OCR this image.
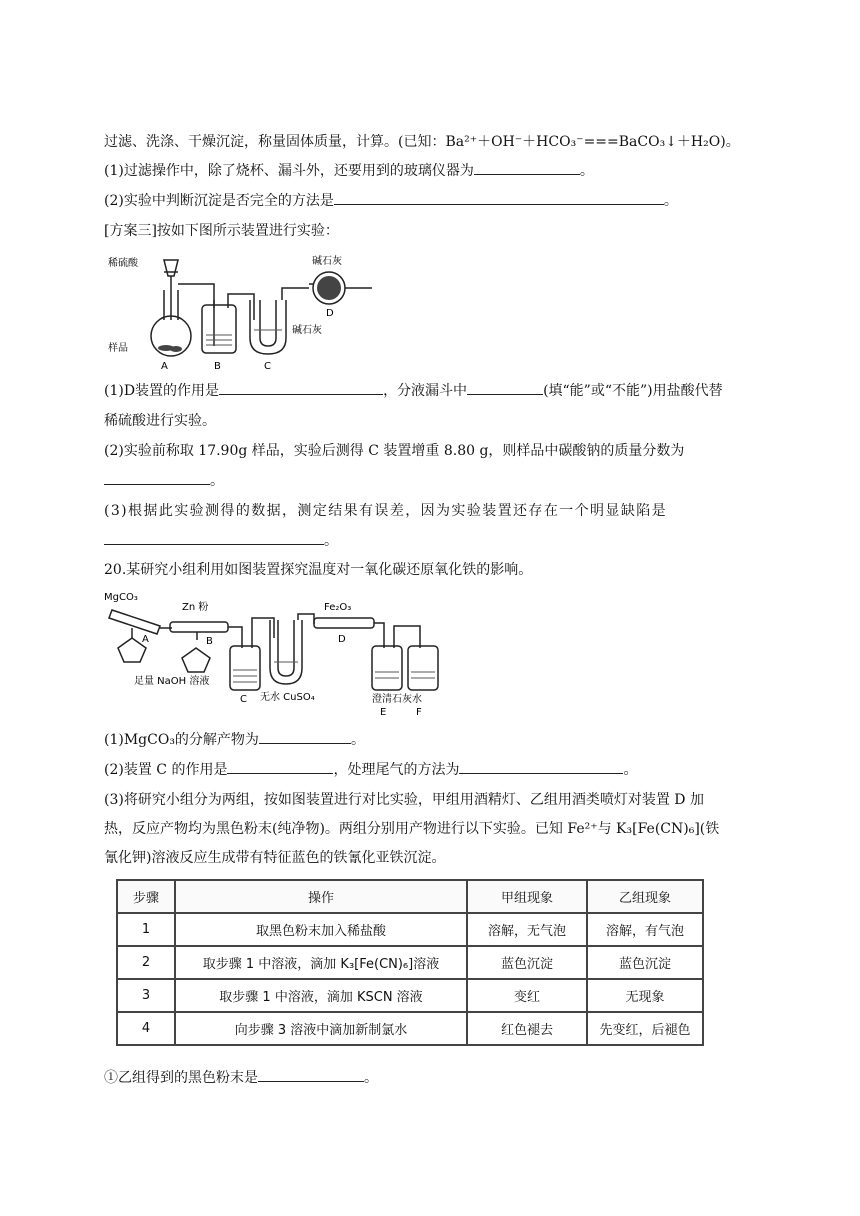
过滤、洗涤、干燥沉淀，称量固体质量，计算。(已知：Ba²⁺＋OH⁻＋HCO₃⁻===BaCO₃↓＋H₂O)。
(1)过滤操作中，除了烧杯、漏斗外，还要用到的玻璃仪器为	。
(2)实验中判断沉淀是否完全的方法是	。
[方案三]按如下图所示装置进行实验：
稀硫酸
样品
碱石灰
碱石灰
A	B	C
D
(1)D装置的作用是	，分液漏斗中	(填“能”或“不能”)用盐酸代替
稀硫酸进行实验。
(2)实验前称取 17.90g 样品，实验后测得 C 装置增重 8.80 g，则样品中碳酸钠的质量分数为
。
(3)根据此实验测得的数据，测定结果有误差，因为实验装置还存在一个明显缺陷是
。
20.某研究小组利用如图装置探究温度对一氧化碳还原氧化铁的影响。
MgCO₃
Zn 粉	Fe₂O₃
足量 NaOH 溶液
无水 CuSO₄	澄清石灰水
A	B
C
D
E	F
(1)MgCO₃的分解产物为	。
(2)装置 C 的作用是	，处理尾气的方法为	。
(3)将研究小组分为两组，按如图装置进行对比实验，甲组用酒精灯、乙组用酒类喷灯对装置 D 加
热，反应产物均为黑色粉末(纯净物)。两组分别用产物进行以下实验。已知 Fe²⁺与 K₃[Fe(CN)₆](铁
氰化钾)溶液反应生成带有特征蓝色的铁氰化亚铁沉淀。
步骤	操作	甲组现象	乙组现象
1	取黑色粉末加入稀盐酸	溶解，无气泡	溶解，有气泡
2	取步骤 1 中溶液，滴加 K₃[Fe(CN)₆]溶液	蓝色沉淀	蓝色沉淀
3	取步骤 1 中溶液，滴加 KSCN 溶液	变红	无现象
4	向步骤 3 溶液中滴加新制氯水	红色褪去	先变红，后褪色
①乙组得到的黑色粉末是	。
